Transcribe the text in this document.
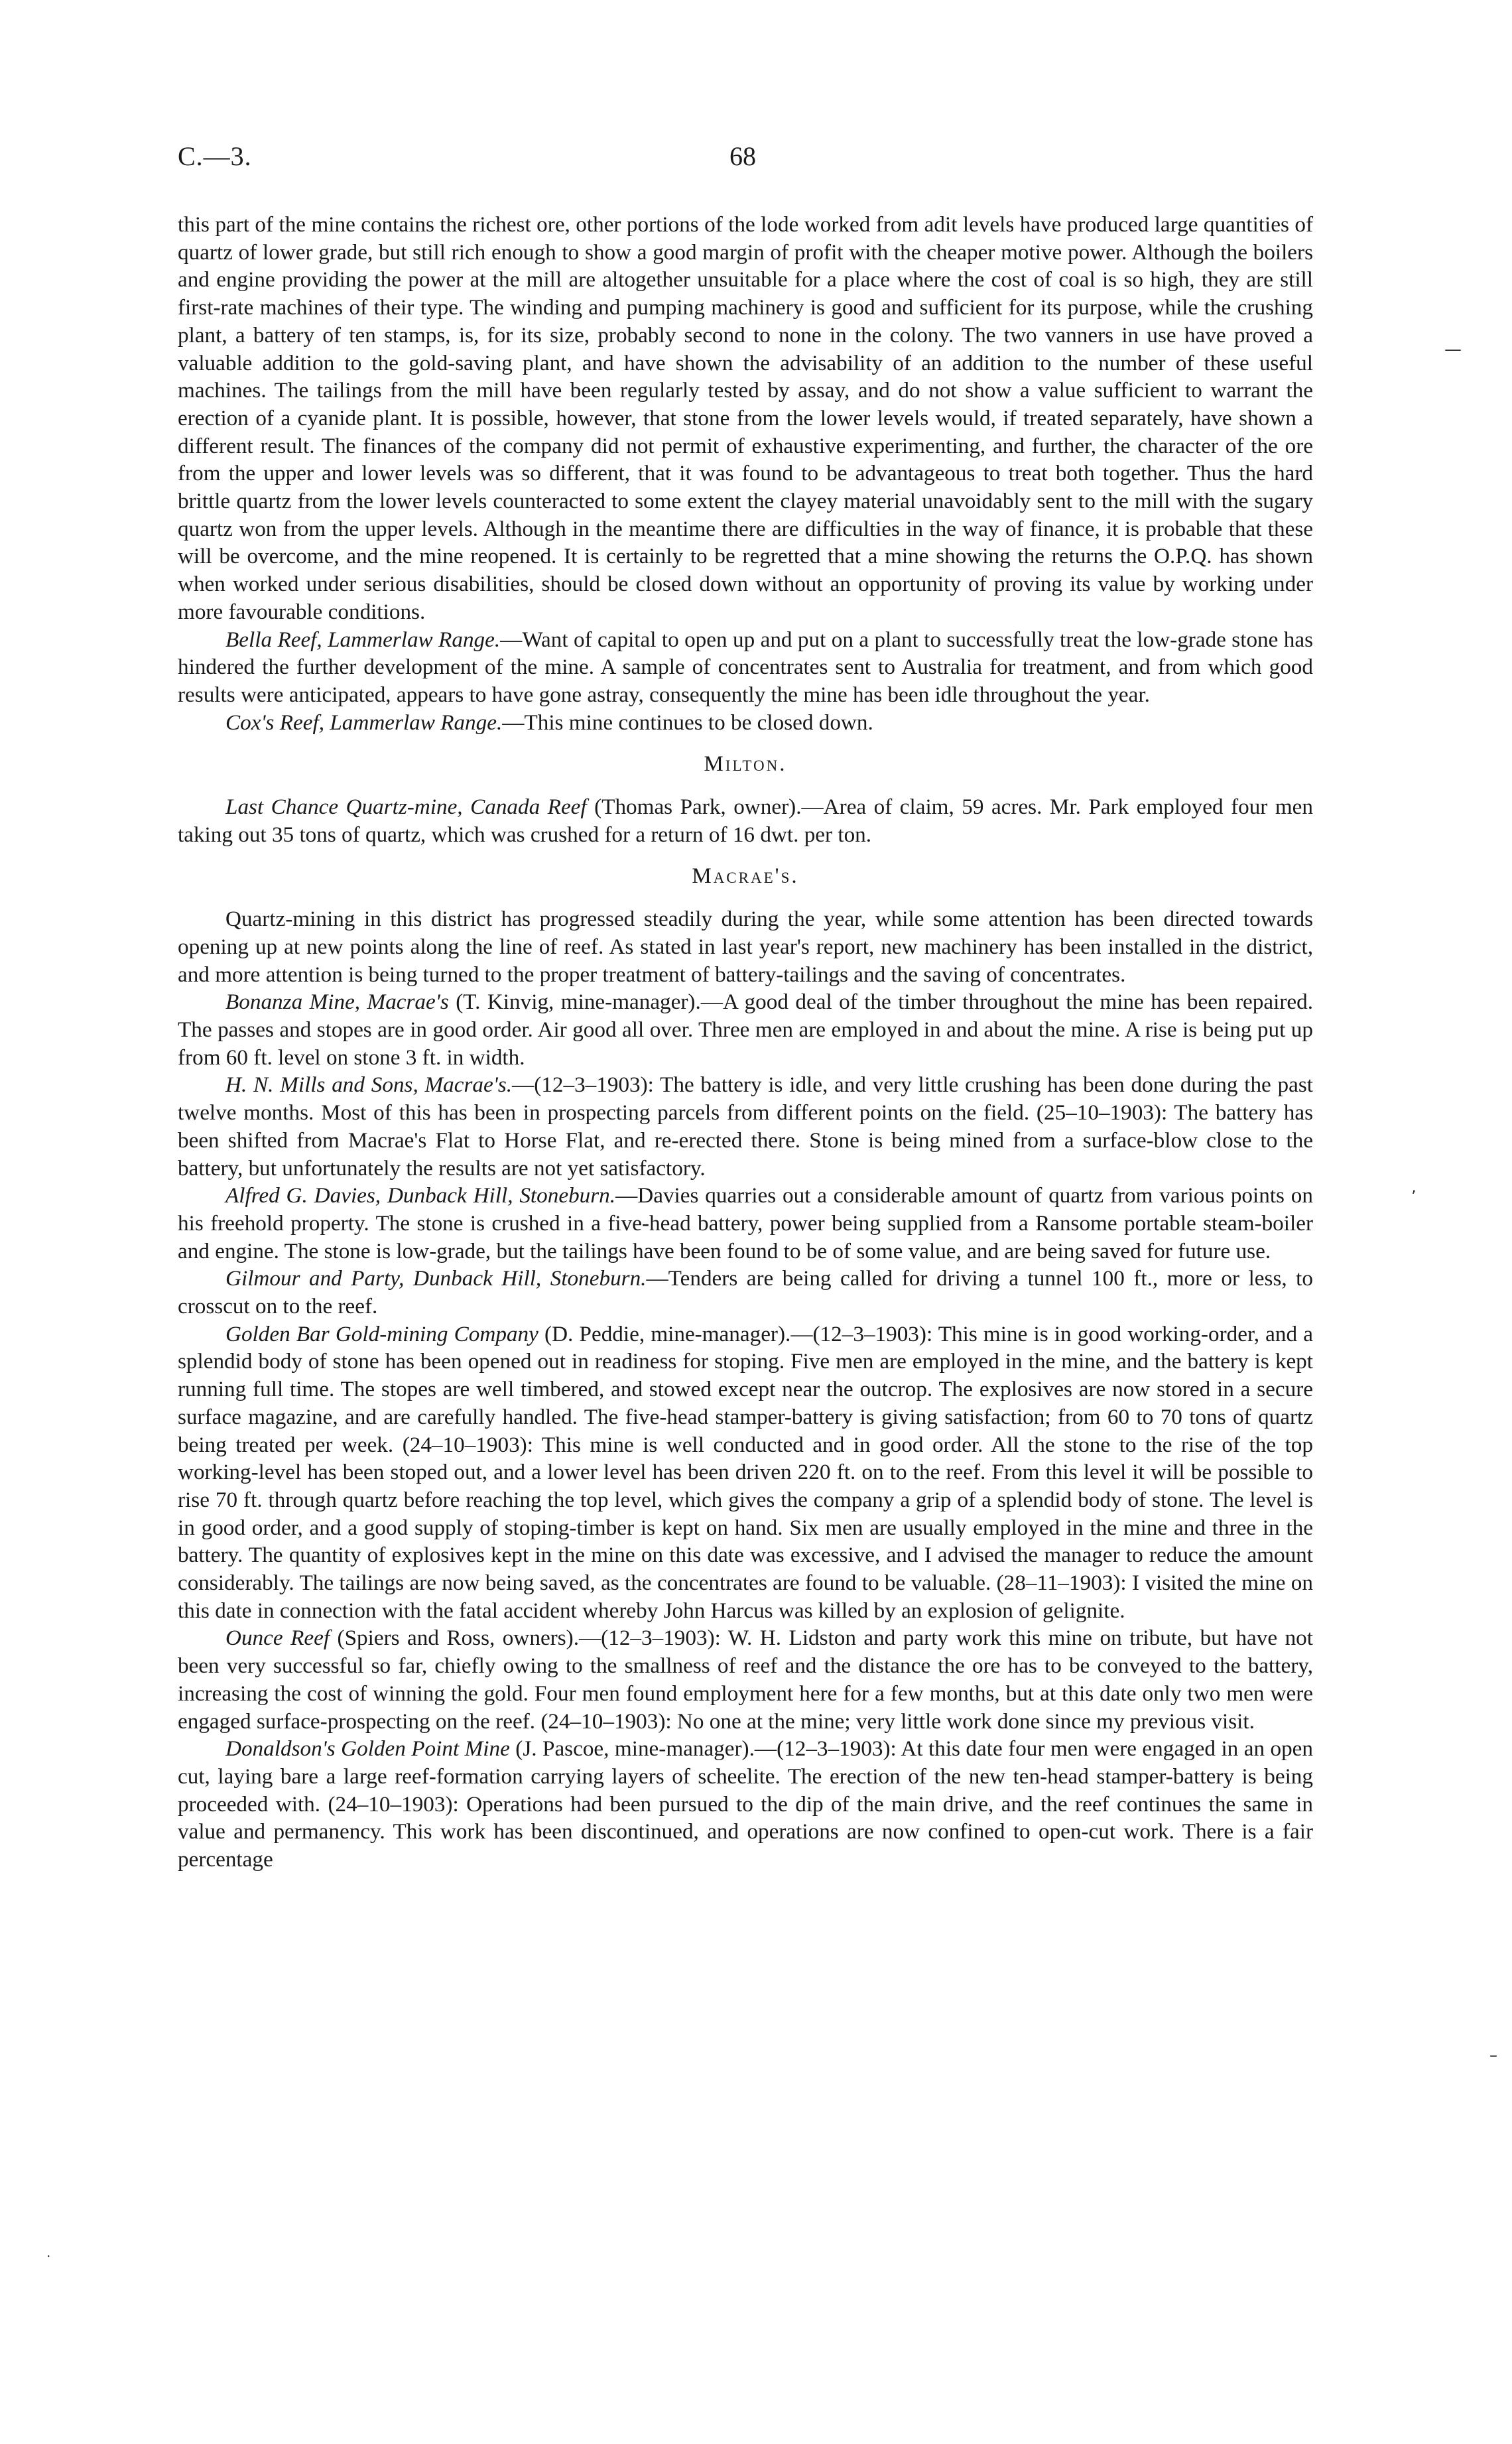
C.—3.	68

this part of the mine contains the richest ore, other portions of the lode worked from adit levels have produced large quantities of quartz of lower grade, but still rich enough to show a good margin of profit with the cheaper motive power. Although the boilers and engine providing the power at the mill are altogether unsuitable for a place where the cost of coal is so high, they are still first-rate machines of their type. The winding and pumping machinery is good and sufficient for its purpose, while the crushing plant, a battery of ten stamps, is, for its size, probably second to none in the colony. The two vanners in use have proved a valuable addition to the gold-saving plant, and have shown the advisability of an addition to the number of these useful machines. The tailings from the mill have been regularly tested by assay, and do not show a value sufficient to warrant the erection of a cyanide plant. It is possible, however, that stone from the lower levels would, if treated separately, have shown a different result. The finances of the company did not permit of exhaustive experimenting, and further, the character of the ore from the upper and lower levels was so different, that it was found to be advantageous to treat both together. Thus the hard brittle quartz from the lower levels counteracted to some extent the clayey material unavoidably sent to the mill with the sugary quartz won from the upper levels. Although in the meantime there are difficulties in the way of finance, it is probable that these will be overcome, and the mine reopened. It is certainly to be regretted that a mine showing the returns the O.P.Q. has shown when worked under serious disabilities, should be closed down without an opportunity of proving its value by working under more favourable conditions.

Bella Reef, Lammerlaw Range.—Want of capital to open up and put on a plant to successfully treat the low-grade stone has hindered the further development of the mine. A sample of concentrates sent to Australia for treatment, and from which good results were anticipated, appears to have gone astray, consequently the mine has been idle throughout the year.

Cox's Reef, Lammerlaw Range.—This mine continues to be closed down.

Milton.

Last Chance Quartz-mine, Canada Reef (Thomas Park, owner).—Area of claim, 59 acres. Mr. Park employed four men taking out 35 tons of quartz, which was crushed for a return of 16 dwt. per ton.

Macrae's.

Quartz-mining in this district has progressed steadily during the year, while some attention has been directed towards opening up at new points along the line of reef. As stated in last year's report, new machinery has been installed in the district, and more attention is being turned to the proper treatment of battery-tailings and the saving of concentrates.

Bonanza Mine, Macrae's (T. Kinvig, mine-manager).—A good deal of the timber throughout the mine has been repaired. The passes and stopes are in good order. Air good all over. Three men are employed in and about the mine. A rise is being put up from 60 ft. level on stone 3 ft. in width.

H. N. Mills and Sons, Macrae's.—(12–3–1903): The battery is idle, and very little crushing has been done during the past twelve months. Most of this has been in prospecting parcels from different points on the field. (25–10–1903): The battery has been shifted from Macrae's Flat to Horse Flat, and re-erected there. Stone is being mined from a surface-blow close to the battery, but unfortunately the results are not yet satisfactory.

Alfred G. Davies, Dunback Hill, Stoneburn.—Davies quarries out a considerable amount of quartz from various points on his freehold property. The stone is crushed in a five-head battery, power being supplied from a Ransome portable steam-boiler and engine. The stone is low-grade, but the tailings have been found to be of some value, and are being saved for future use.

Gilmour and Party, Dunback Hill, Stoneburn.—Tenders are being called for driving a tunnel 100 ft., more or less, to crosscut on to the reef.

Golden Bar Gold-mining Company (D. Peddie, mine-manager).—(12–3–1903): This mine is in good working-order, and a splendid body of stone has been opened out in readiness for stoping. Five men are employed in the mine, and the battery is kept running full time. The stopes are well timbered, and stowed except near the outcrop. The explosives are now stored in a secure surface magazine, and are carefully handled. The five-head stamper-battery is giving satisfaction; from 60 to 70 tons of quartz being treated per week. (24–10–1903): This mine is well conducted and in good order. All the stone to the rise of the top working-level has been stoped out, and a lower level has been driven 220 ft. on to the reef. From this level it will be possible to rise 70 ft. through quartz before reaching the top level, which gives the company a grip of a splendid body of stone. The level is in good order, and a good supply of stoping-timber is kept on hand. Six men are usually employed in the mine and three in the battery. The quantity of explosives kept in the mine on this date was excessive, and I advised the manager to reduce the amount considerably. The tailings are now being saved, as the concentrates are found to be valuable. (28–11–1903): I visited the mine on this date in connection with the fatal accident whereby John Harcus was killed by an explosion of gelignite.

Ounce Reef (Spiers and Ross, owners).—(12–3–1903): W. H. Lidston and party work this mine on tribute, but have not been very successful so far, chiefly owing to the smallness of reef and the distance the ore has to be conveyed to the battery, increasing the cost of winning the gold. Four men found employment here for a few months, but at this date only two men were engaged surface-prospecting on the reef. (24–10–1903): No one at the mine; very little work done since my previous visit.

Donaldson's Golden Point Mine (J. Pascoe, mine-manager).—(12–3–1903): At this date four men were engaged in an open cut, laying bare a large reef-formation carrying layers of scheelite. The erection of the new ten-head stamper-battery is being proceeded with. (24–10–1903): Operations had been pursued to the dip of the main drive, and the reef continues the same in value and permanency. This work has been discontinued, and operations are now confined to open-cut work. There is a fair percentage

—
’
–
·
